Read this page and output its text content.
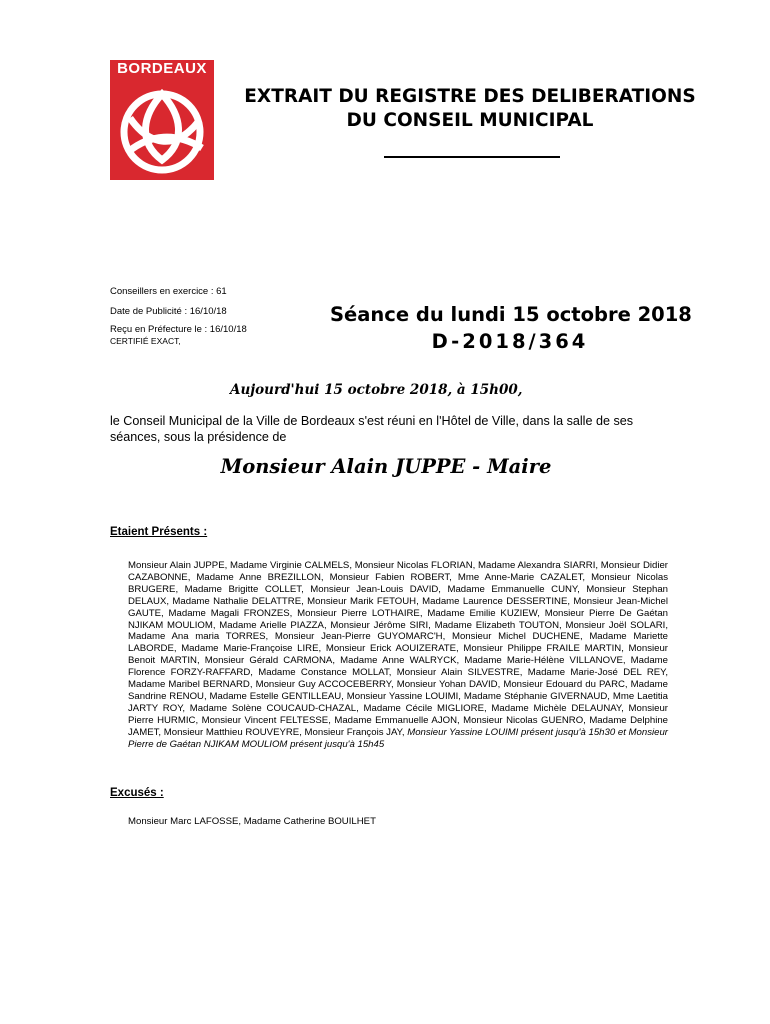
BORDEAUX
EXTRAIT DU REGISTRE DES DELIBERATIONS
DU CONSEIL MUNICIPAL
Conseillers en exercice : 61
Date de Publicité : 16/10/18
Reçu en Préfecture le : 16/10/18
CERTIFIÉ EXACT,
Séance du lundi 15 octobre 2018
D-2018/364
Aujourd'hui 15 octobre 2018, à 15h00,
le Conseil Municipal de la Ville de Bordeaux s'est réuni en l'Hôtel de Ville, dans la salle de ses séances, sous la présidence de
Monsieur Alain JUPPE - Maire
Etaient Présents :
Monsieur Alain JUPPE, Madame Virginie CALMELS, Monsieur Nicolas FLORIAN, Madame Alexandra SIARRI, Monsieur Didier CAZABONNE, Madame Anne BREZILLON, Monsieur Fabien ROBERT, Mme Anne-Marie CAZALET, Monsieur Nicolas BRUGERE, Madame Brigitte COLLET, Monsieur Jean-Louis DAVID, Madame Emmanuelle CUNY, Monsieur Stephan DELAUX, Madame Nathalie DELATTRE, Monsieur Marik FETOUH, Madame Laurence DESSERTINE, Monsieur Jean-Michel GAUTE, Madame Magali FRONZES, Monsieur Pierre LOTHAIRE, Madame Emilie KUZIEW, Monsieur Pierre De Gaétan NJIKAM MOULIOM, Madame Arielle PIAZZA, Monsieur Jérôme SIRI, Madame Elizabeth TOUTON, Monsieur Joël SOLARI, Madame Ana maria TORRES, Monsieur Jean-Pierre GUYOMARC'H, Monsieur Michel DUCHENE, Madame Mariette LABORDE, Madame Marie-Françoise LIRE, Monsieur Erick AOUIZERATE, Monsieur Philippe FRAILE MARTIN, Monsieur Benoit MARTIN, Monsieur Gérald CARMONA, Madame Anne WALRYCK, Madame Marie-Hélène VILLANOVE, Madame Florence FORZY-RAFFARD, Madame Constance MOLLAT, Monsieur Alain SILVESTRE, Madame Marie-José DEL REY, Madame Maribel BERNARD, Monsieur Guy ACCOCEBERRY, Monsieur Yohan DAVID, Monsieur Edouard du PARC, Madame Sandrine RENOU, Madame Estelle GENTILLEAU, Monsieur Yassine LOUIMI, Madame Stéphanie GIVERNAUD, Mme Laetitia JARTY ROY, Madame Solène COUCAUD-CHAZAL, Madame Cécile MIGLIORE, Madame Michèle DELAUNAY, Monsieur Pierre HURMIC, Monsieur Vincent FELTESSE, Madame Emmanuelle AJON, Monsieur Nicolas GUENRO, Madame Delphine JAMET, Monsieur Matthieu ROUVEYRE, Monsieur François JAY, Monsieur Yassine LOUIMI présent jusqu'à 15h30 et Monsieur Pierre de Gaétan NJIKAM MOULIOM présent jusqu'à 15h45
Excusés :
Monsieur Marc LAFOSSE, Madame Catherine BOUILHET
